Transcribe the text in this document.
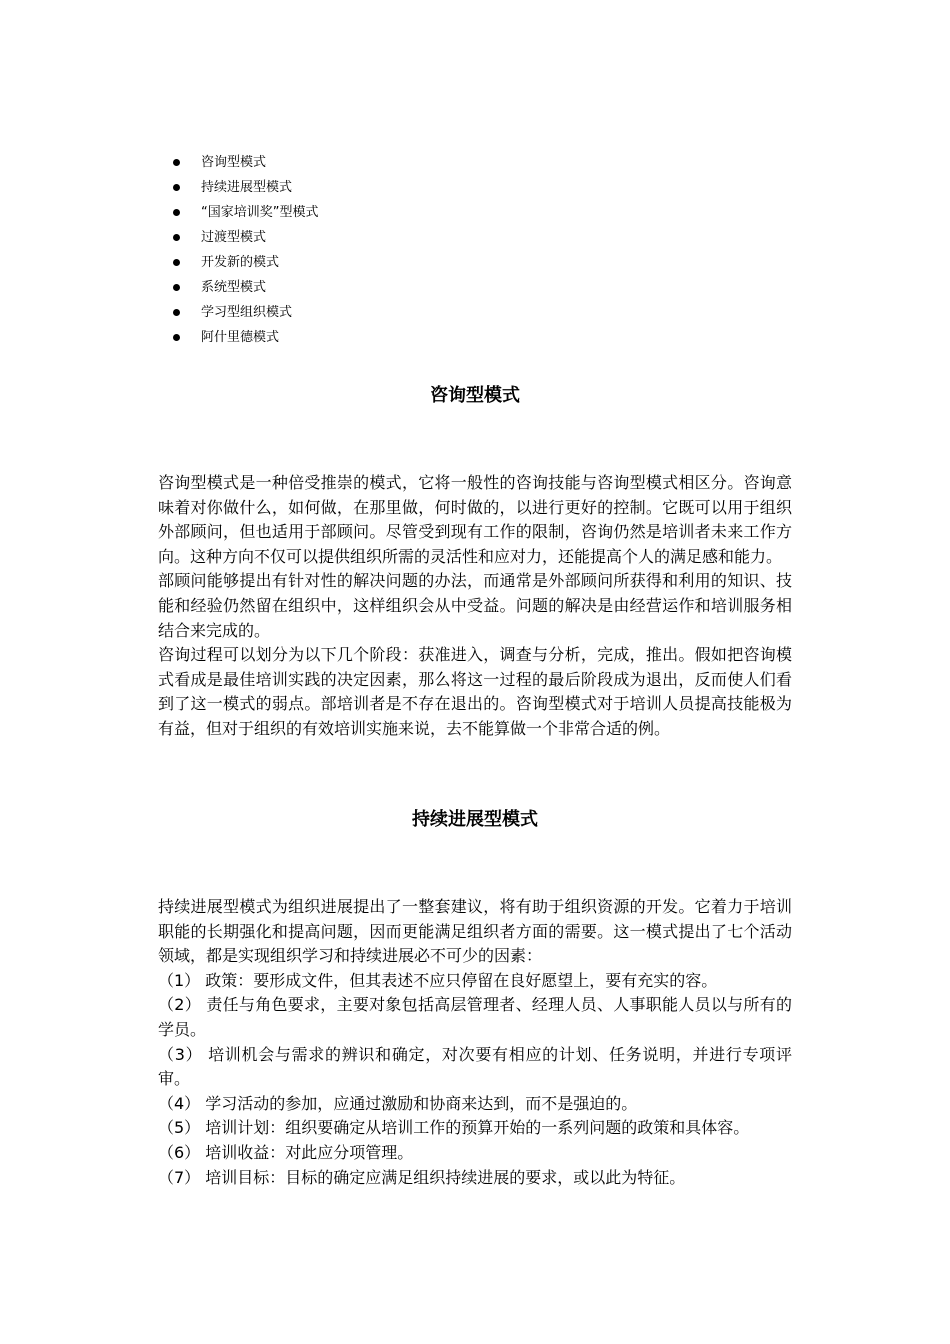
咨询型模式
持续进展型模式
“国家培训奖”型模式
过渡型模式
开发新的模式
系统型模式
学习型组织模式
阿什里德模式
咨询型模式

咨询型模式是一种倍受推崇的模式，它将一般性的咨询技能与咨询型模式相区分。咨询意味着对你做什么，如何做，在那里做，何时做的，以进行更好的控制。它既可以用于组织外部顾问，但也适用于部顾问。尽管受到现有工作的限制，咨询仍然是培训者未来工作方向。这种方向不仅可以提供组织所需的灵活性和应对力，还能提高个人的满足感和能力。

部顾问能够提出有针对性的解决问题的办法，而通常是外部顾问所获得和利用的知识、技能和经验仍然留在组织中，这样组织会从中受益。问题的解决是由经营运作和培训服务相结合来完成的。

咨询过程可以划分为以下几个阶段：获准进入，调查与分析，完成，推出。假如把咨询模式看成是最佳培训实践的决定因素，那么将这一过程的最后阶段成为退出，反而使人们看到了这一模式的弱点。部培训者是不存在退出的。咨询型模式对于培训人员提高技能极为有益，但对于组织的有效培训实施来说，去不能算做一个非常合适的例。

持续进展型模式

持续进展型模式为组织进展提出了一整套建议，将有助于组织资源的开发。它着力于培训职能的长期强化和提高问题，因而更能满足组织者方面的需要。这一模式提出了七个活动领域，都是实现组织学习和持续进展必不可少的因素：

（1） 政策：要形成文件，但其表述不应只停留在良好愿望上，要有充实的容。

（2） 责任与角色要求，主要对象包括高层管理者、经理人员、人事职能人员以与所有的学员。

（3） 培训机会与需求的辨识和确定，对次要有相应的计划、任务说明，并进行专项评审。

（4） 学习活动的参加，应通过激励和协商来达到，而不是强迫的。

（5） 培训计划：组织要确定从培训工作的预算开始的一系列问题的政策和具体容。

（6） 培训收益：对此应分项管理。

（7） 培训目标：目标的确定应满足组织持续进展的要求，或以此为特征。
